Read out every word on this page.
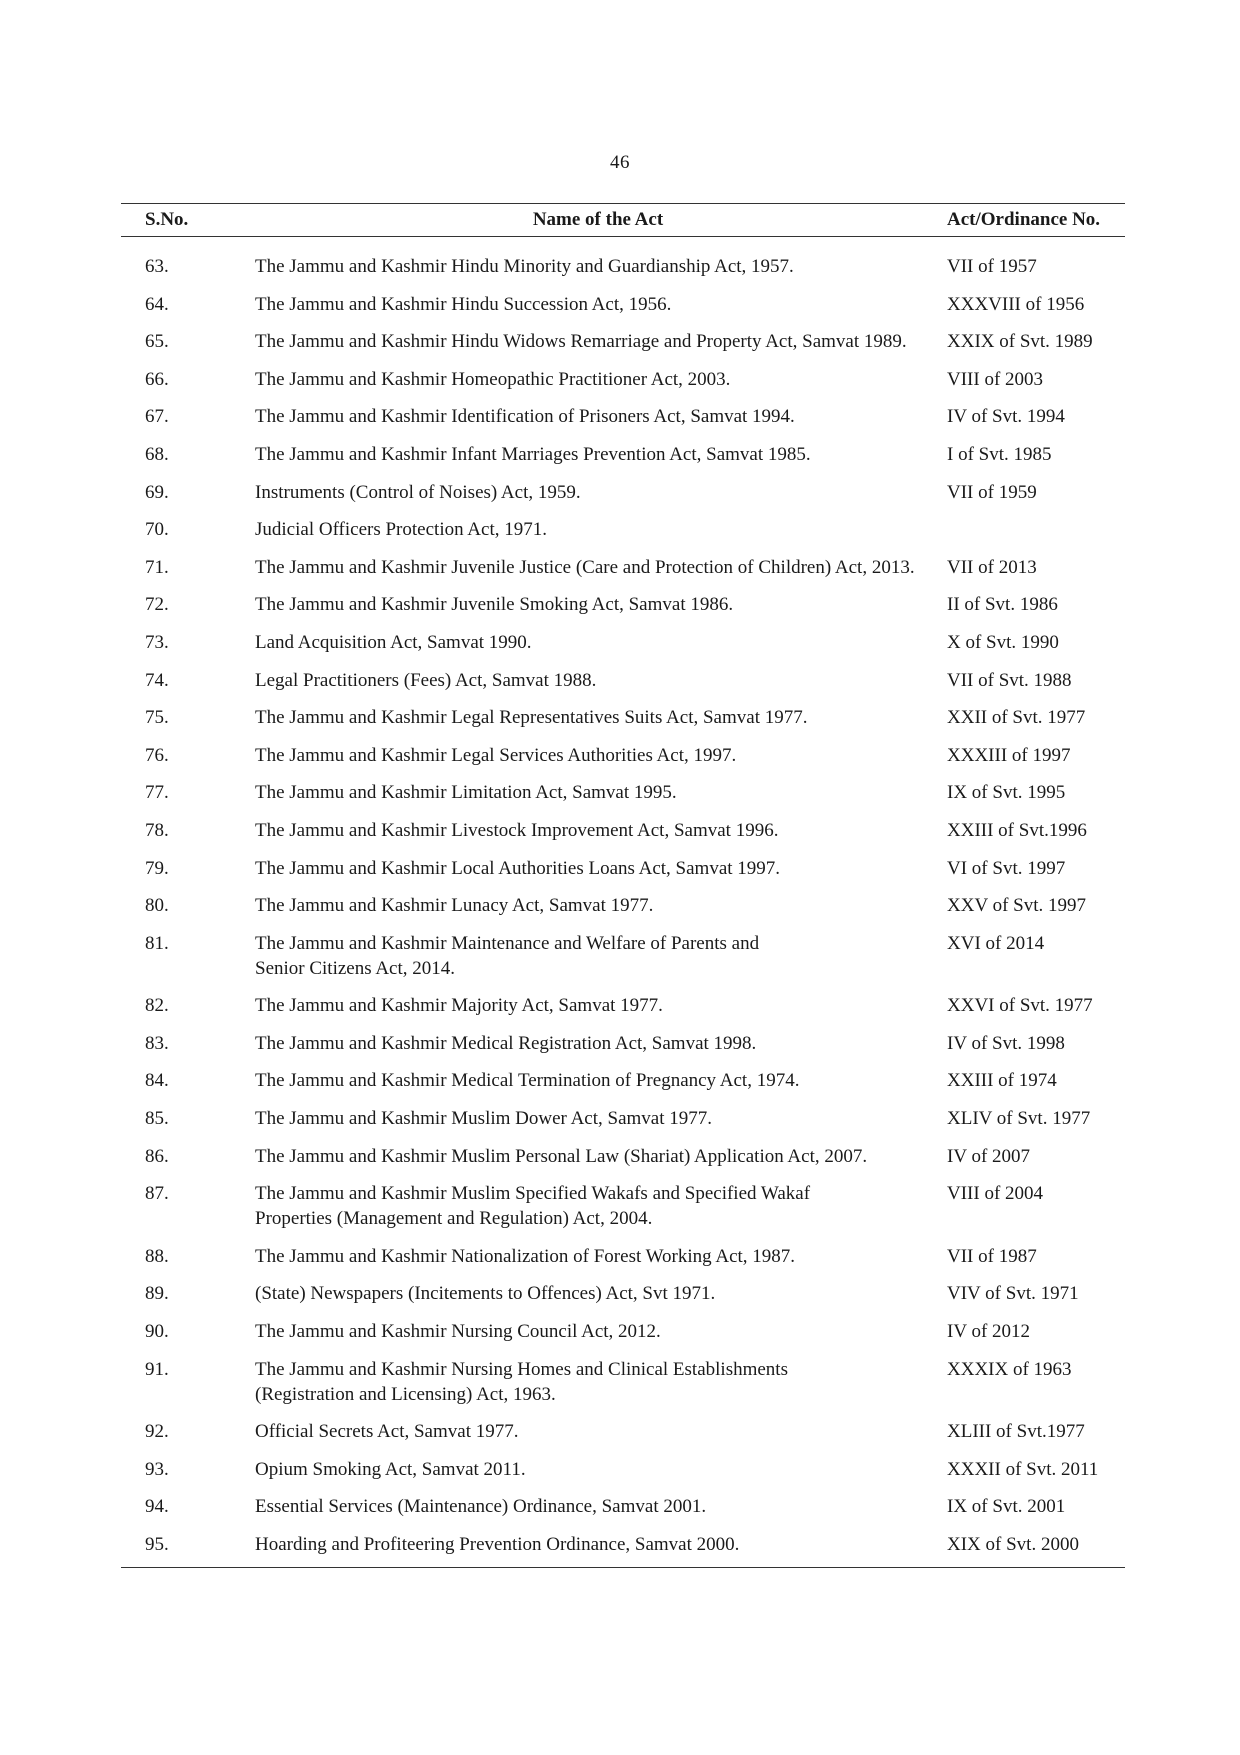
46
S.No.	Name of the Act	Act/Ordinance No.
63.	The Jammu and Kashmir Hindu Minority and Guardianship Act, 1957.	VII of 1957
64.	The Jammu and Kashmir Hindu Succession Act, 1956.	XXXVIII of 1956
65.	The Jammu and Kashmir Hindu Widows Remarriage and Property Act, Samvat 1989.	XXIX of Svt. 1989
66.	The Jammu and Kashmir Homeopathic Practitioner Act, 2003.	VIII of 2003
67.	The Jammu and Kashmir Identification of Prisoners Act, Samvat 1994.	IV of Svt. 1994
68.	The Jammu and Kashmir Infant Marriages Prevention Act, Samvat 1985.	I of Svt. 1985
69.	Instruments (Control of Noises) Act, 1959.	VII of 1959
70.	Judicial Officers Protection Act, 1971.	

71.	The Jammu and Kashmir Juvenile Justice (Care and Protection of Children) Act, 2013.	VII of 2013
72.	The Jammu and Kashmir Juvenile Smoking Act, Samvat 1986.	II of Svt. 1986
73.	Land Acquisition Act, Samvat 1990.	X of Svt. 1990
74.	Legal Practitioners (Fees) Act, Samvat 1988.	VII of Svt. 1988
75.	The Jammu and Kashmir Legal Representatives Suits Act, Samvat 1977.	XXII of Svt. 1977
76.	The Jammu and Kashmir Legal Services Authorities Act, 1997.	XXXIII of 1997
77.	The Jammu and Kashmir Limitation Act, Samvat 1995.	IX of Svt. 1995
78.	The Jammu and Kashmir Livestock Improvement Act, Samvat 1996.	XXIII of Svt.1996
79.	The Jammu and Kashmir Local Authorities Loans Act, Samvat 1997.	VI of Svt. 1997
80.	The Jammu and Kashmir Lunacy Act, Samvat 1977.	XXV of Svt. 1997
81.	The Jammu and Kashmir Maintenance and Welfare of Parents and
Senior Citizens Act, 2014.	XVI of 2014
82.	The Jammu and Kashmir Majority Act, Samvat 1977.	XXVI of Svt. 1977
83.	The Jammu and Kashmir Medical Registration Act, Samvat 1998.	IV of Svt. 1998
84.	The Jammu and Kashmir Medical Termination of Pregnancy Act, 1974.	XXIII of 1974
85.	The Jammu and Kashmir Muslim Dower Act, Samvat 1977.	XLIV of Svt. 1977
86.	The Jammu and Kashmir Muslim Personal Law (Shariat) Application Act, 2007.	IV of 2007
87.	The Jammu and Kashmir Muslim Specified Wakafs and Specified Wakaf
Properties (Management and Regulation) Act, 2004.	VIII of 2004
88.	The Jammu and Kashmir Nationalization of Forest Working Act, 1987.	VII of 1987
89.	(State) Newspapers (Incitements to Offences) Act, Svt 1971.	VIV of Svt. 1971
90.	The Jammu and Kashmir Nursing Council Act, 2012.	IV of 2012
91.	The Jammu and Kashmir Nursing Homes and Clinical Establishments
(Registration and Licensing) Act, 1963.	XXXIX of 1963
92.	Official Secrets Act, Samvat 1977.	XLIII of Svt.1977
93.	Opium Smoking Act, Samvat 2011.	XXXII of Svt. 2011
94.	Essential Services (Maintenance) Ordinance, Samvat 2001.	IX of Svt. 2001
95.	Hoarding and Profiteering Prevention Ordinance, Samvat 2000.	XIX of Svt. 2000
